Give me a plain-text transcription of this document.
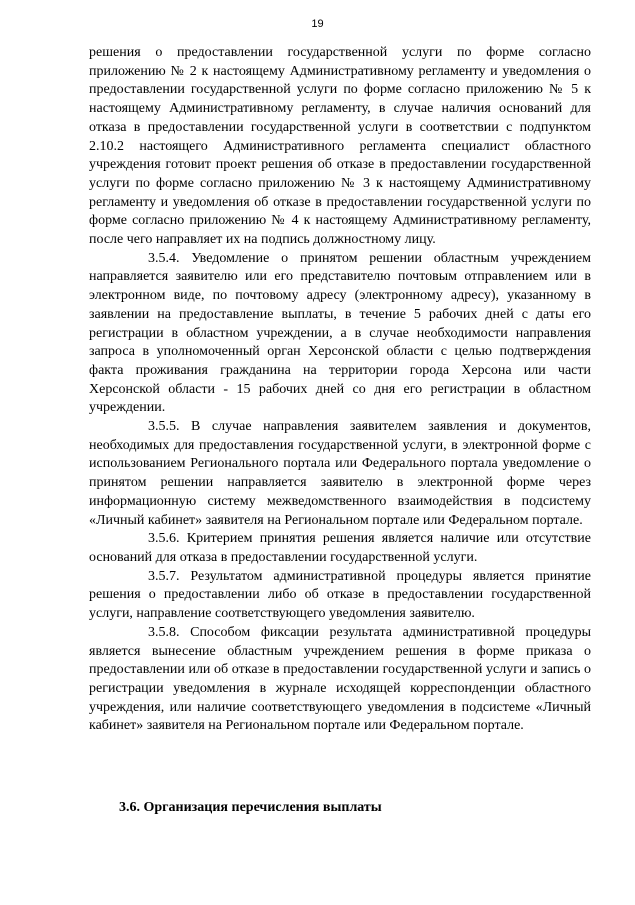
19

решения о предоставлении государственной услуги по форме согласно приложению № 2 к настоящему Административному регламенту и уведомления о предоставлении государственной услуги по форме согласно приложению № 5 к настоящему Административному регламенту, в случае наличия оснований для отказа в предоставлении государственной услуги в соответствии с подпунктом 2.10.2 настоящего Административного регламента специалист областного учреждения готовит проект решения об отказе в предоставлении государственной услуги по форме согласно приложению № 3 к настоящему Административному регламенту и уведомления об отказе в предоставлении государственной услуги по форме согласно приложению № 4 к настоящему Административному регламенту, после чего направляет их на подпись должностному лицу.

3.5.4. Уведомление о принятом решении областным учреждением направляется заявителю или его представителю почтовым отправлением или в электронном виде, по почтовому адресу (электронному адресу), указанному в заявлении на предоставление выплаты, в течение 5 рабочих дней с даты его регистрации в областном учреждении, а в случае необходимости направления запроса в уполномоченный орган Херсонской области с целью подтверждения факта проживания гражданина на территории города Херсона или части Херсонской области - 15 рабочих дней со дня его регистрации в областном учреждении.

3.5.5. В случае направления заявителем заявления и документов, необходимых для предоставления государственной услуги, в электронной форме с использованием Регионального портала или Федерального портала уведомление о принятом решении направляется заявителю в электронной форме через информационную систему межведомственного взаимодействия в подсистему «Личный кабинет» заявителя на Региональном портале или Федеральном портале.

3.5.6. Критерием принятия решения является наличие или отсутствие оснований для отказа в предоставлении государственной услуги.

3.5.7. Результатом административной процедуры является принятие решения о предоставлении либо об отказе в предоставлении государственной услуги, направление соответствующего уведомления заявителю.

3.5.8. Способом фиксации результата административной процедуры является вынесение областным учреждением решения в форме приказа о предоставлении или об отказе в предоставлении государственной услуги и запись о регистрации уведомления в журнале исходящей корреспонденции областного учреждения, или наличие соответствующего уведомления в подсистеме «Личный кабинет» заявителя на Региональном портале или Федеральном портале.

3.6. Организация перечисления выплаты
